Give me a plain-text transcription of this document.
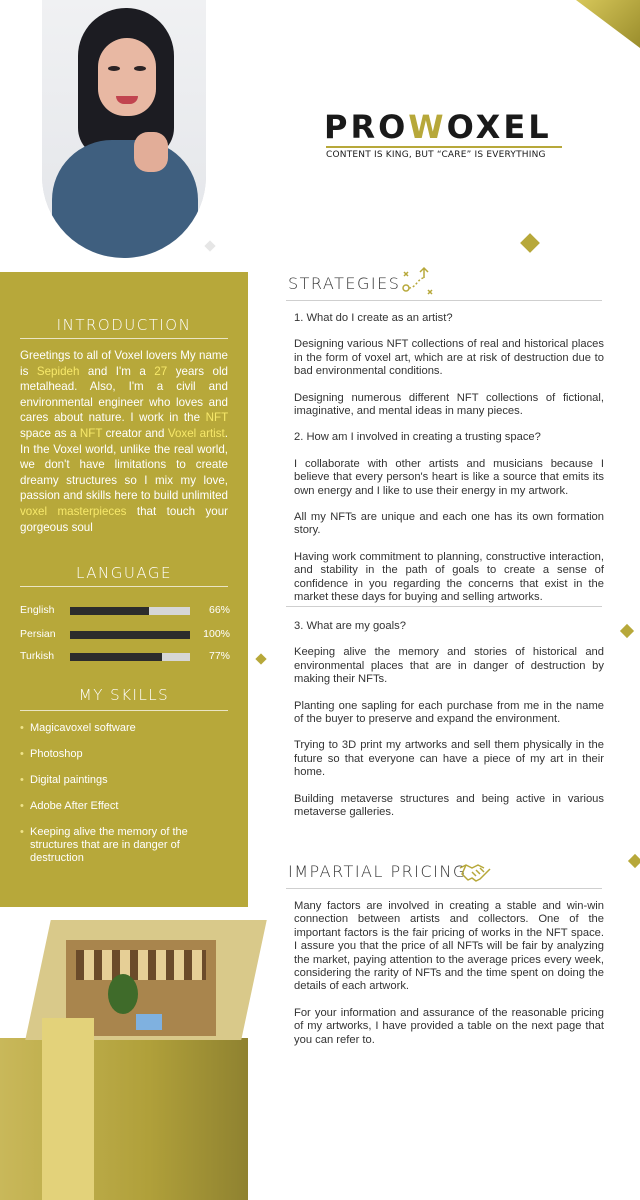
PROWOXEL
CONTENT IS KING, BUT “CARE” IS EVERYTHING
INTRODUCTION
Greetings to all of Voxel lovers My name is Sepideh and I'm a 27 years old metalhead. Also, I'm a civil and environmental engineer who loves and cares about nature. I work in the NFT space as a NFT creator and Voxel artist. In the Voxel world, unlike the real world, we don't have limitations to create dreamy structures so I mix my love, passion and skills here to build unlimited voxel masterpieces that touch your gorgeous soul
LANGUAGE
English	66%
Persian	100%
Turkish	77%
MY SKILLS
• Magicavoxel software
• Photoshop
• Digital paintings
• Adobe After Effect
• Keeping alive the memory of the structures that are in danger of destruction
STRATEGIES

1. What do I create as an artist?

Designing various NFT collections of real and historical places in the form of voxel art, which are at risk of destruction due to bad environmental conditions.

Designing numerous different NFT collections of fictional, imaginative, and mental ideas in many pieces.

2. How am I involved in creating a trusting space?

I collaborate with other artists and musicians because I believe that every person's heart is like a source that emits its own energy and I like to use their energy in my artwork.

All my NFTs are unique and each one has its own formation story.

Having work commitment to planning, constructive interaction, and stability in the path of goals to create a sense of confidence in you regarding the concerns that exist in the market these days for buying and selling artworks.

3. What are my goals?

Keeping alive the memory and stories of historical and environmental places that are in danger of destruction by making their NFTs.

Planting one sapling for each purchase from me in the name of the buyer to preserve and expand the environment.

Trying to 3D print my artworks and sell them physically in the future so that everyone can have a piece of my art in their home.

Building metaverse structures and being active in various metaverse galleries.

IMPARTIAL PRICING

Many factors are involved in creating a stable and win-win connection between artists and collectors. One of the important factors is the fair pricing of works in the NFT space. I assure you that the price of all NFTs will be fair by analyzing the market, paying attention to the average prices every week, considering the rarity of NFTs and the time spent on doing the details of each artwork.

For your information and assurance of the reasonable pricing of my artworks, I have provided a table on the next page that you can refer to.
